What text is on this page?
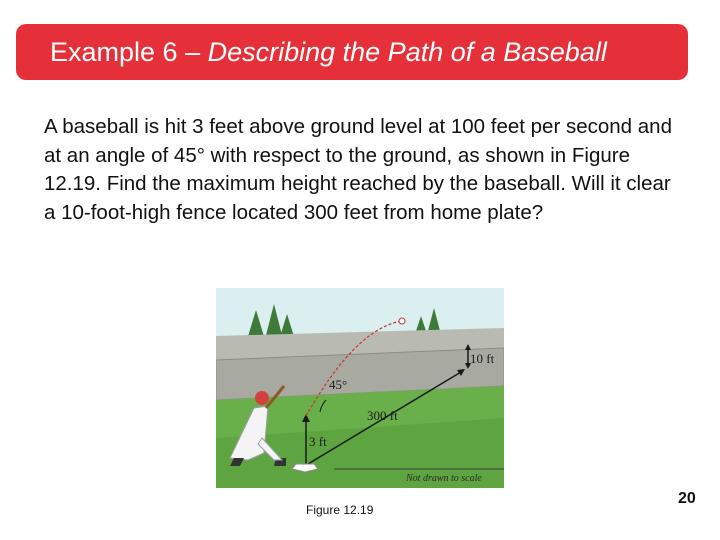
Example 6 – Describing the Path of a Baseball

A baseball is hit 3 feet above ground level at 100 feet per second and at an angle of 45° with respect to the ground, as shown in Figure 12.19. Find the maximum height reached by the baseball. Will it clear a 10-foot-high fence located 300 feet from home plate?

45°
300 ft
10 ft
3 ft
Not drawn to scale
Figure 12.19
20
